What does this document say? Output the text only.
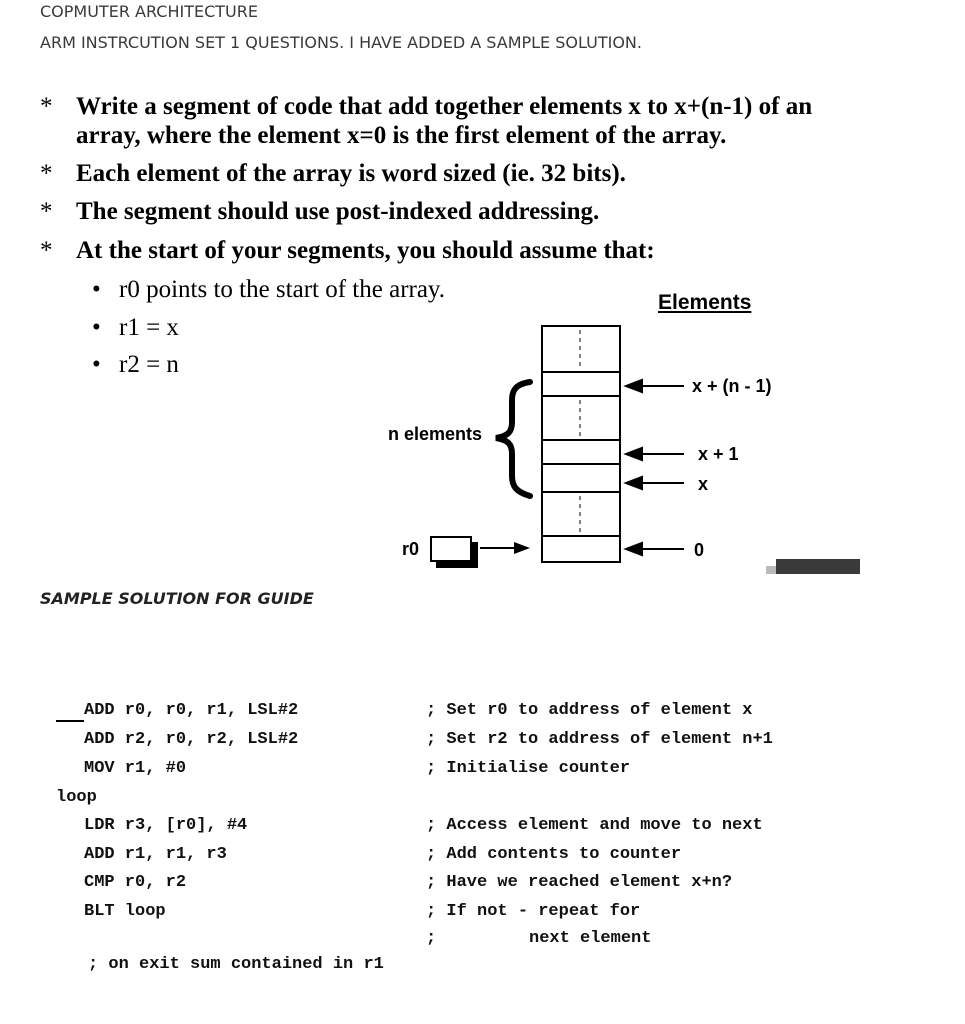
COPMUTER ARCHITECTURE
ARM INSTRCUTION SET 1 QUESTIONS. I HAVE ADDED A SAMPLE SOLUTION.
* Write a segment of code that add together elements x to x+(n-1) of an array, where the element x=0 is the first element of the array.
* Each element of the array is word sized (ie. 32 bits).
* The segment should use post-indexed addressing.
* At the start of your segments, you should assume that:
• r0 points to the start of the array.
• r1 = x
• r2 = n
Elements
n elements
r0
x + (n - 1)
x + 1
x
0
SAMPLE SOLUTION FOR GUIDE
ADD r0, r0, r1, LSL#2	; Set r0 to address of element x
ADD r2, r0, r2, LSL#2	; Set r2 to address of element n+1
MOV r1, #0	; Initialise counter
loop
LDR r3, [r0], #4	; Access element and move to next
ADD r1, r1, r3	; Add contents to counter
CMP r0, r2	; Have we reached element x+n?
BLT loop	; If not - repeat for
;	next element
; on exit sum contained in r1
